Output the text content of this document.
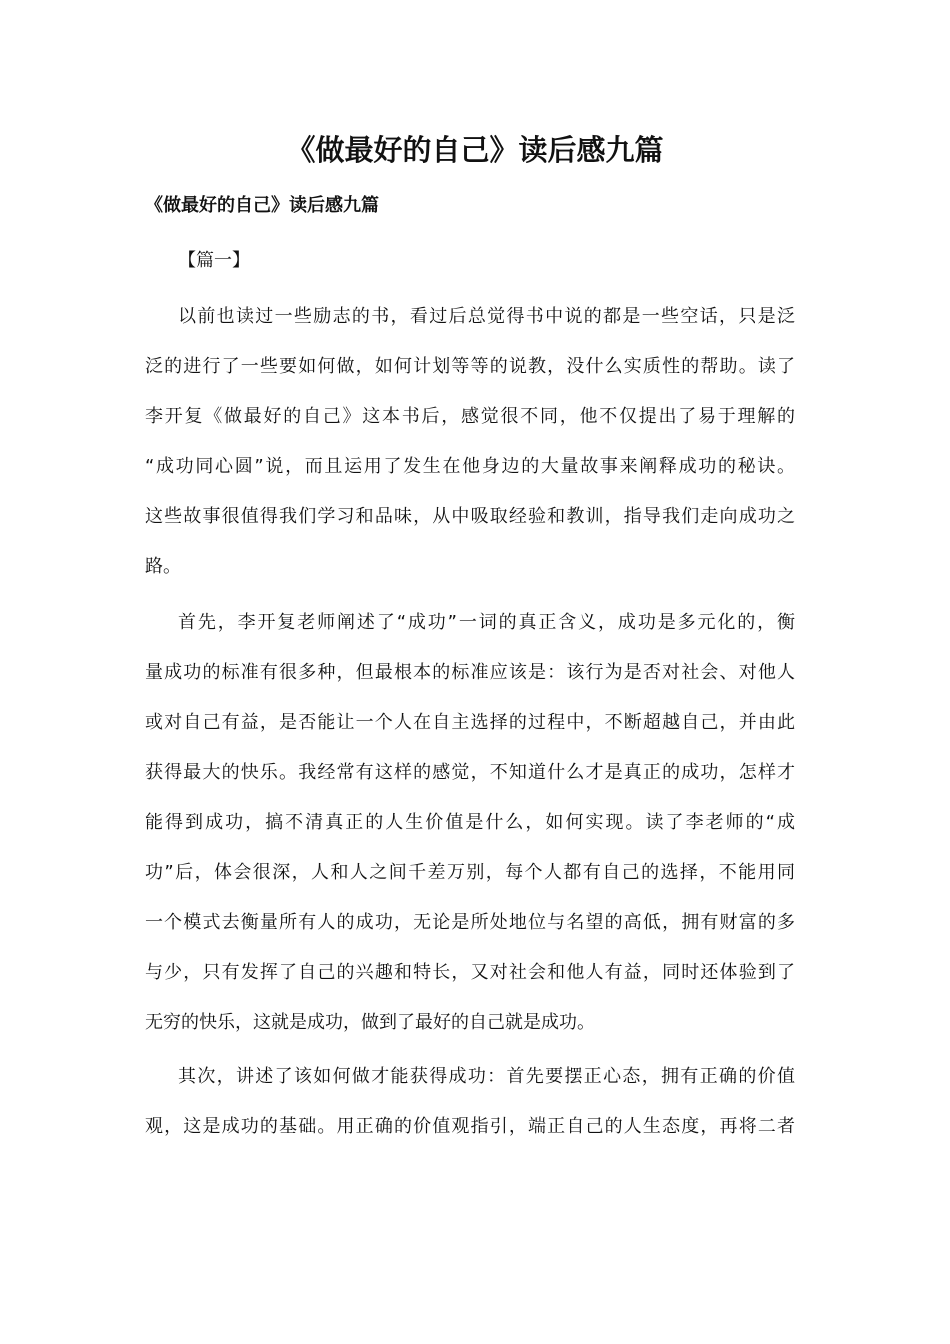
《做最好的自己》读后感九篇

《做最好的自己》读后感九篇

【篇一】

以前也读过一些励志的书，看过后总觉得书中说的都是一些空话，只是泛
泛的进行了一些要如何做，如何计划等等的说教，没什么实质性的帮助。读了
李开复《做最好的自己》这本书后，感觉很不同，他不仅提出了易于理解的
“成功同心圆”说，而且运用了发生在他身边的大量故事来阐释成功的秘诀。
这些故事很值得我们学习和品味，从中吸取经验和教训，指导我们走向成功之
路。
首先，李开复老师阐述了“成功”一词的真正含义，成功是多元化的，衡
量成功的标准有很多种，但最根本的标准应该是：该行为是否对社会、对他人
或对自己有益，是否能让一个人在自主选择的过程中，不断超越自己，并由此
获得最大的快乐。我经常有这样的感觉，不知道什么才是真正的成功，怎样才
能得到成功，搞不清真正的人生价值是什么，如何实现。读了李老师的“成
功”后，体会很深，人和人之间千差万别，每个人都有自己的选择，不能用同
一个模式去衡量所有人的成功，无论是所处地位与名望的高低，拥有财富的多
与少，只有发挥了自己的兴趣和特长，又对社会和他人有益，同时还体验到了
无穷的快乐，这就是成功，做到了最好的自己就是成功。
其次，讲述了该如何做才能获得成功：首先要摆正心态，拥有正确的价值
观，这是成功的基础。用正确的价值观指引，端正自己的人生态度，再将二者
